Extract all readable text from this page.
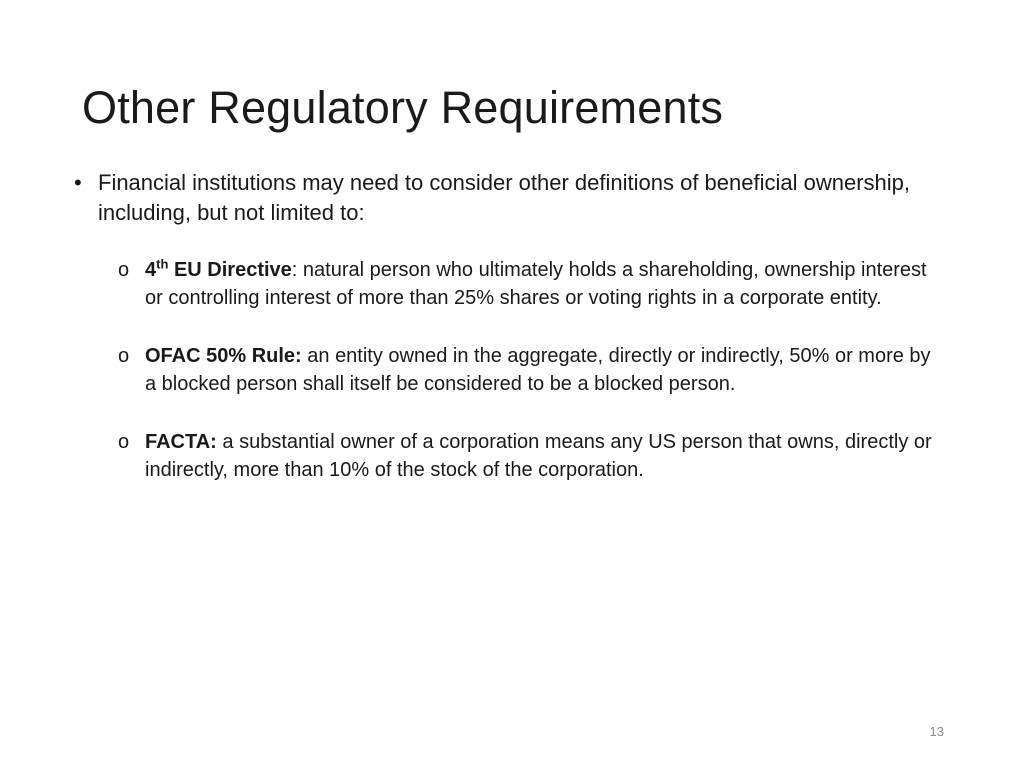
Other Regulatory Requirements
• Financial institutions may need to consider other definitions of beneficial ownership, including, but not limited to:
o 4th EU Directive: natural person who ultimately holds a shareholding, ownership interest or controlling interest of more than 25% shares or voting rights in a corporate entity.
o OFAC 50% Rule: an entity owned in the aggregate, directly or indirectly, 50% or more by a blocked person shall itself be considered to be a blocked person.
o FACTA: a substantial owner of a corporation means any US person that owns, directly or indirectly, more than 10% of the stock of the corporation.
13
